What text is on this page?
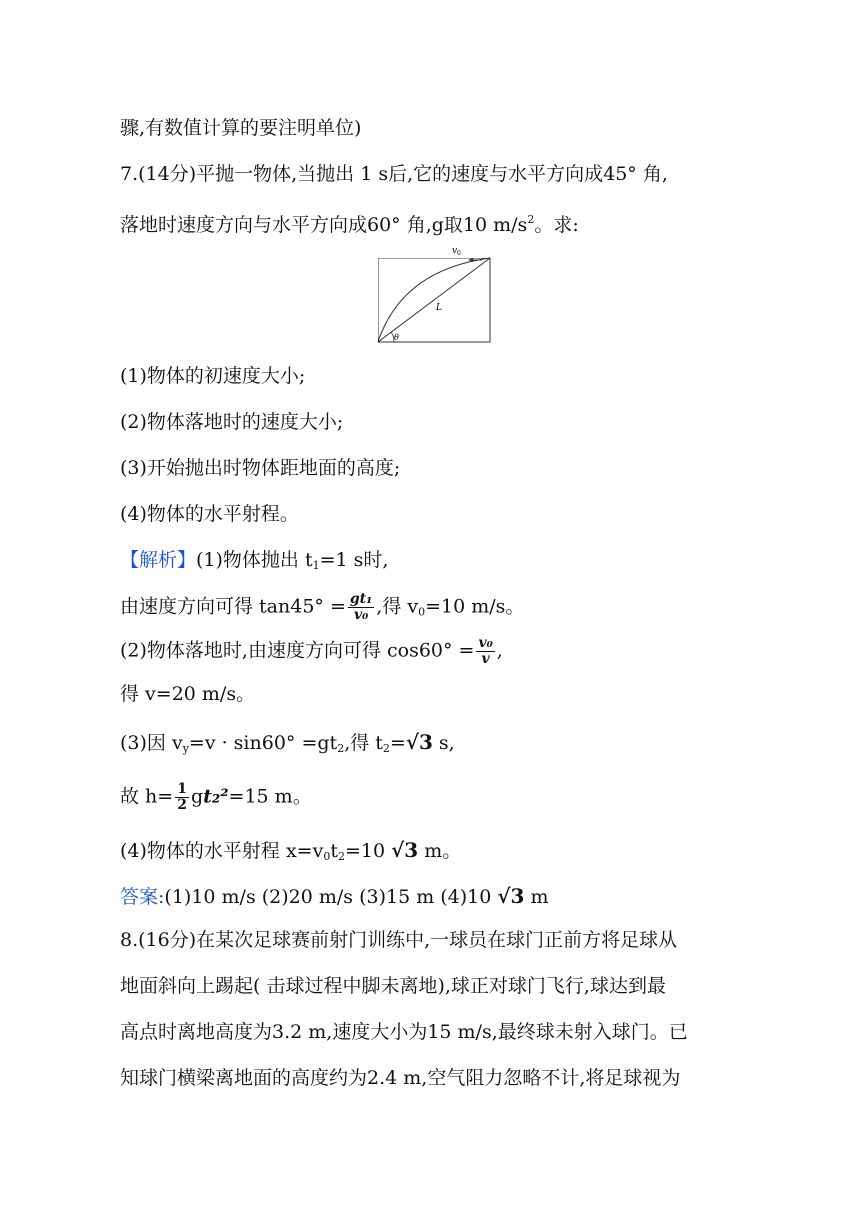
骤,有数值计算的要注明单位)
7.(14分)平抛一物体,当抛出 1 s后,它的速度与水平方向成45° 角,
落地时速度方向与水平方向成60° 角,g取10 $m/s^2$。求:
v 0
L
θ
(1)物体的初速度大小;
(2)物体落地时的速度大小;
(3)开始抛出时物体距地面的高度;
(4)物体的水平射程。
【解析】(1)物体抛出 $t_1=1$ s时,
由速度方向可得 $\tan 45^\circ = \frac{\text{gt₁}}{\text{v₀}}$ ,得 $v_0=10$ m/s。
(2)物体落地时,由速度方向可得 $\cos 60^\circ = \frac{\text{v₀}}{v}$ ,
得 v=20 m/s。
(3)因 $v_y=v \cdot \sin 60^\circ =gt_2$,得 $t_2=√3$ s,
故 $h= \frac{1}{2} gt_2^2=15$ m。
(4)物体的水平射程 $x=v_0t_2=10$ √3 m。
答案:(1)10 m/s (2)20 m/s (3)15 m (4)10 √3 m
8.(16分)在某次足球赛前射门训练中,一球员在球门正前方将足球从
地面斜向上踢起( 击球过程中脚未离地),球正对球门飞行,球达到最
高点时离地高度为3.2 m,速度大小为15 m/s,最终球未射入球门。已
知球门横梁离地面的高度约为2.4 m,空气阻力忽略不计,将足球视为
